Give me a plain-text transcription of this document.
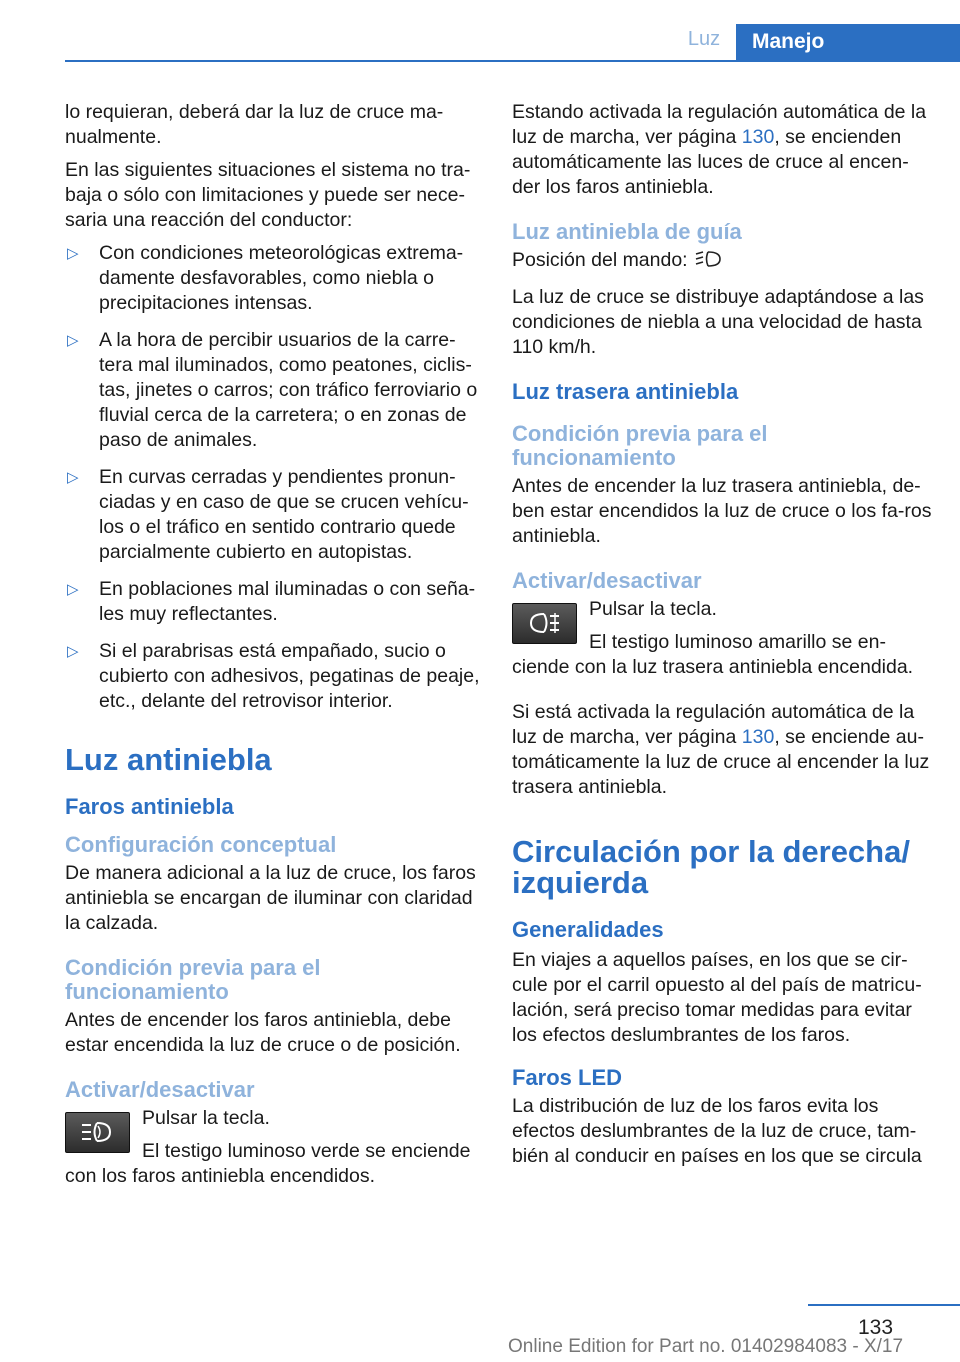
Luz	Manejo

lo requieran, deberá dar la luz de cruce ma-nualmente.

En las siguientes situaciones el sistema no tra-baja o sólo con limitaciones y puede ser nece-saria una reacción del conductor:

▷ Con condiciones meteorológicas extrema-damente desfavorables, como niebla o precipitaciones intensas.
▷ A la hora de percibir usuarios de la carre-tera mal iluminados, como peatones, ciclis-tas, jinetes o carros; con tráfico ferroviario o fluvial cerca de la carretera; o en zonas de paso de animales.
▷ En curvas cerradas y pendientes pronun-ciadas y en caso de que se crucen vehícu-los o el tráfico en sentido contrario quede parcialmente cubierto en autopistas.
▷ En poblaciones mal iluminadas o con seña-les muy reflectantes.
▷ Si el parabrisas está empañado, sucio o cubierto con adhesivos, pegatinas de peaje, etc., delante del retrovisor interior.
Luz antiniebla
Faros antiniebla
Configuración conceptual

De manera adicional a la luz de cruce, los faros antiniebla se encargan de iluminar con claridad la calzada.

Condición previa para el funcionamiento

Antes de encender los faros antiniebla, debe estar encendida la luz de cruce o de posición.

Activar/desactivar

Pulsar la tecla.

El testigo luminoso verde se enciende con los faros antiniebla encendidos.

Estando activada la regulación automática de la luz de marcha, ver página 130, se encienden automáticamente las luces de cruce al encen-der los faros antiniebla.

Luz antiniebla de guía

Posición del mando:

La luz de cruce se distribuye adaptándose a las condiciones de niebla a una velocidad de hasta 110 km/h.

Luz trasera antiniebla
Condición previa para el funcionamiento

Antes de encender la luz trasera antiniebla, de-ben estar encendidos la luz de cruce o los fa-ros antiniebla.

Activar/desactivar

Pulsar la tecla.

El testigo luminoso amarillo se en-ciende con la luz trasera antiniebla encendida.

Si está activada la regulación automática de la luz de marcha, ver página 130, se enciende au-tomáticamente la luz de cruce al encender la luz trasera antiniebla.

Circulación por la derecha/ izquierda
Generalidades

En viajes a aquellos países, en los que se cir-cule por el carril opuesto al del país de matricu-lación, será preciso tomar medidas para evitar los efectos deslumbrantes de los faros.

Faros LED

La distribución de luz de los faros evita los efectos deslumbrantes de la luz de cruce, tam-bién al conducir en países en los que se circula

133
Online Edition for Part no. 01402984083 - X/17
